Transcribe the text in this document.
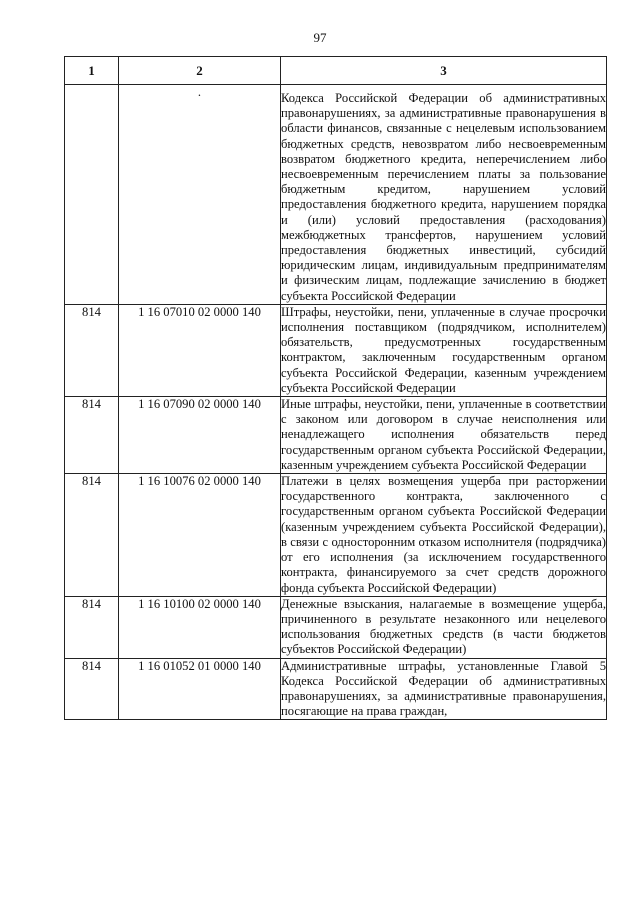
97
1	2	3
	.	Кодекса Российской Федерации об административных правонарушениях, за административные правонарушения в области финансов, связанные с нецелевым использованием бюджетных средств, невозвратом либо несвоевременным возвратом бюджетного кредита, неперечислением либо несвоевременным перечислением платы за пользование бюджетным кредитом, нарушением условий предоставления бюджетного кредита, нарушением порядка и (или) условий предоставления (расходования) межбюджетных трансфертов, нарушением условий предоставления бюджетных инвестиций, субсидий юридическим лицам, индивидуальным предпринимателям и физическим лицам, подлежащие зачислению в бюджет субъекта Российской Федерации
814	1 16 07010 02 0000 140	Штрафы, неустойки, пени, уплаченные в случае просрочки исполнения поставщиком (подрядчиком, исполнителем) обязательств, предусмотренных государственным контрактом, заключенным государственным органом субъекта Российской Федерации, казенным учреждением субъекта Российской Федерации
814	1 16 07090 02 0000 140	Иные штрафы, неустойки, пени, уплаченные в соответствии с законом или договором в случае неисполнения или ненадлежащего исполнения обязательств перед государственным органом субъекта Российской Федерации, казенным учреждением субъекта Российской Федерации
814	1 16 10076 02 0000 140	Платежи в целях возмещения ущерба при расторжении государственного контракта, заключенного с государственным органом субъекта Российской Федерации (казенным учреждением субъекта Российской Федерации), в связи с односторонним отказом исполнителя (подрядчика) от его исполнения (за исключением государственного контракта, финансируемого за счет средств дорожного фонда субъекта Российской Федерации)
814	1 16 10100 02 0000 140	Денежные взыскания, налагаемые в возмещение ущерба, причиненного в результате незаконного или нецелевого использования бюджетных средств (в части бюджетов субъектов Российской Федерации)
814	1 16 01052 01 0000 140	Административные штрафы, установленные Главой 5 Кодекса Российской Федерации об административных правонарушениях, за административные правонарушения, посягающие на права граждан,
